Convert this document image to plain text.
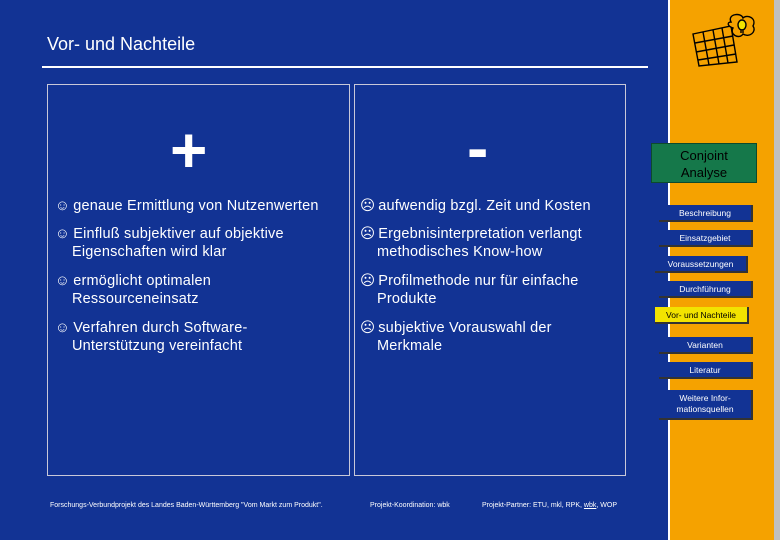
Vor- und Nachteile
+	-
☺ genaue Ermittlung von Nutzenwerten
☺ Einfluß subjektiver auf objektive
Eigenschaften wird klar
☺ ermöglicht optimalen
Ressourceneinsatz
☺ Verfahren durch Software-
Unterstützung vereinfacht
☹ aufwendig bzgl. Zeit und Kosten
☹ Ergebnisinterpretation verlangt
methodisches Know-how
☹ Profilmethode nur für einfache
Produkte
☹ subjektive Vorauswahl der
Merkmale
Forschungs-Verbundprojekt des Landes Baden-Württemberg "Vom Markt zum Produkt".	Projekt-Koordination: wbk	Projekt-Partner: ETU, mkl, RPK, wbk, WOP
Conjoint
Analyse
Beschreibung
Einsatzgebiet
Voraussetzungen
Durchführung
Vor- und Nachteile
Varianten
Literatur
Weitere Infor-
mationsquellen
